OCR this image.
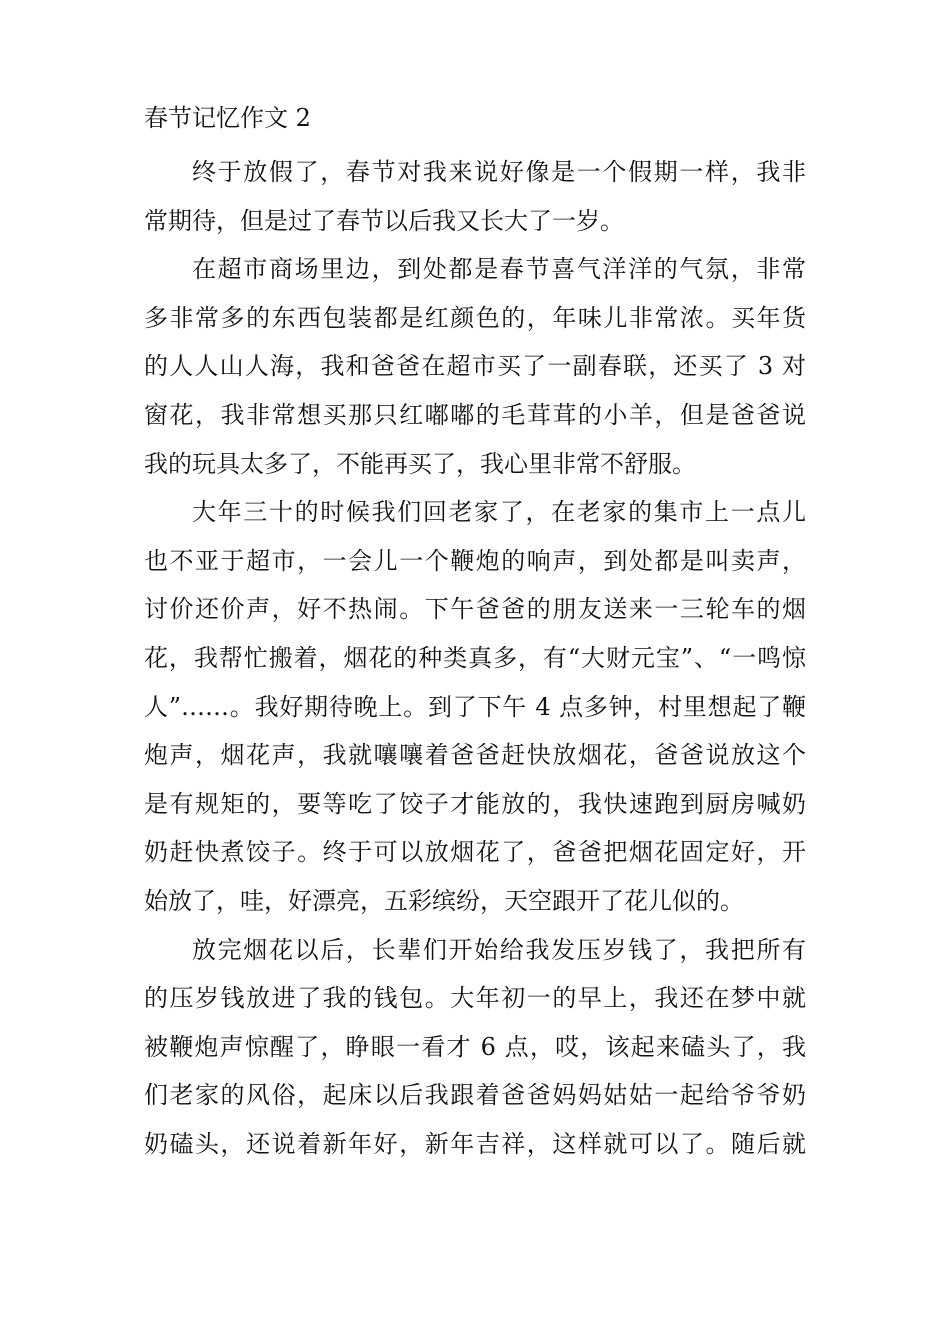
春节记忆作文 2

终于放假了，春节对我来说好像是一个假期一样，我非
常期待，但是过了春节以后我又长大了一岁。

在超市商场里边，到处都是春节喜气洋洋的气氛，非常
多非常多的东西包装都是红颜色的，年味儿非常浓。买年货
的人人山人海，我和爸爸在超市买了一副春联，还买了 3 对
窗花，我非常想买那只红嘟嘟的毛茸茸的小羊，但是爸爸说
我的玩具太多了，不能再买了，我心里非常不舒服。

大年三十的时候我们回老家了，在老家的集市上一点儿
也不亚于超市，一会儿一个鞭炮的响声，到处都是叫卖声，
讨价还价声，好不热闹。下午爸爸的朋友送来一三轮车的烟
花，我帮忙搬着，烟花的种类真多，有“大财元宝”、“一鸣惊
人”……。我好期待晚上。到了下午 4 点多钟，村里想起了鞭
炮声，烟花声，我就嚷嚷着爸爸赶快放烟花，爸爸说放这个
是有规矩的，要等吃了饺子才能放的，我快速跑到厨房喊奶
奶赶快煮饺子。终于可以放烟花了，爸爸把烟花固定好，开
始放了，哇，好漂亮，五彩缤纷，天空跟开了花儿似的。

放完烟花以后，长辈们开始给我发压岁钱了，我把所有
的压岁钱放进了我的钱包。大年初一的早上，我还在梦中就
被鞭炮声惊醒了，睁眼一看才 6 点，哎，该起来磕头了，我
们老家的风俗，起床以后我跟着爸爸妈妈姑姑一起给爷爷奶
奶磕头，还说着新年好，新年吉祥，这样就可以了。随后就
